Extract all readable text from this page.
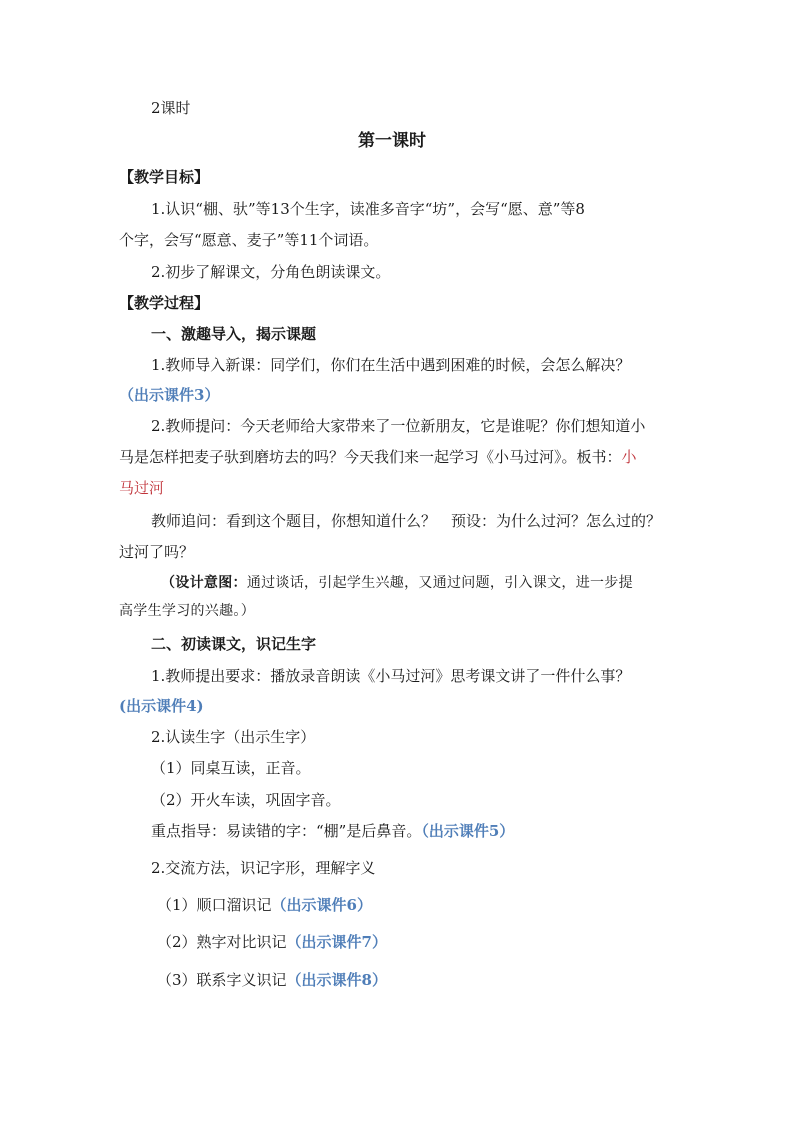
2课时
第一课时
【教学目标】
1.认识“棚、驮”等13个生字，读准多音字“坊”，会写“愿、意”等8
个字，会写“愿意、麦子”等11个词语。
2.初步了解课文，分角色朗读课文。
【教学过程】
一、激趣导入，揭示课题
1.教师导入新课：同学们，你们在生活中遇到困难的时候，会怎么解决？
（出示课件3）
2.教师提问：今天老师给大家带来了一位新朋友，它是谁呢？你们想知道小
马是怎样把麦子驮到磨坊去的吗？今天我们来一起学习《小马过河》。板书：小
马过河
教师追问：看到这个题目，你想知道什么？　预设：为什么过河？怎么过的？
过河了吗？
（设计意图：通过谈话，引起学生兴趣，又通过问题，引入课文，进一步提
高学生学习的兴趣。）
二、初读课文，识记生字
1.教师提出要求：播放录音朗读《小马过河》思考课文讲了一件什么事？
(出示课件4)
2.认读生字（出示生字）
（1）同桌互读，正音。
（2）开火车读，巩固字音。
重点指导：易读错的字：“棚”是后鼻音。（出示课件5）
2.交流方法，识记字形，理解字义
（1）顺口溜识记（出示课件6）
（2）熟字对比识记（出示课件7）
（3）联系字义识记（出示课件8）
